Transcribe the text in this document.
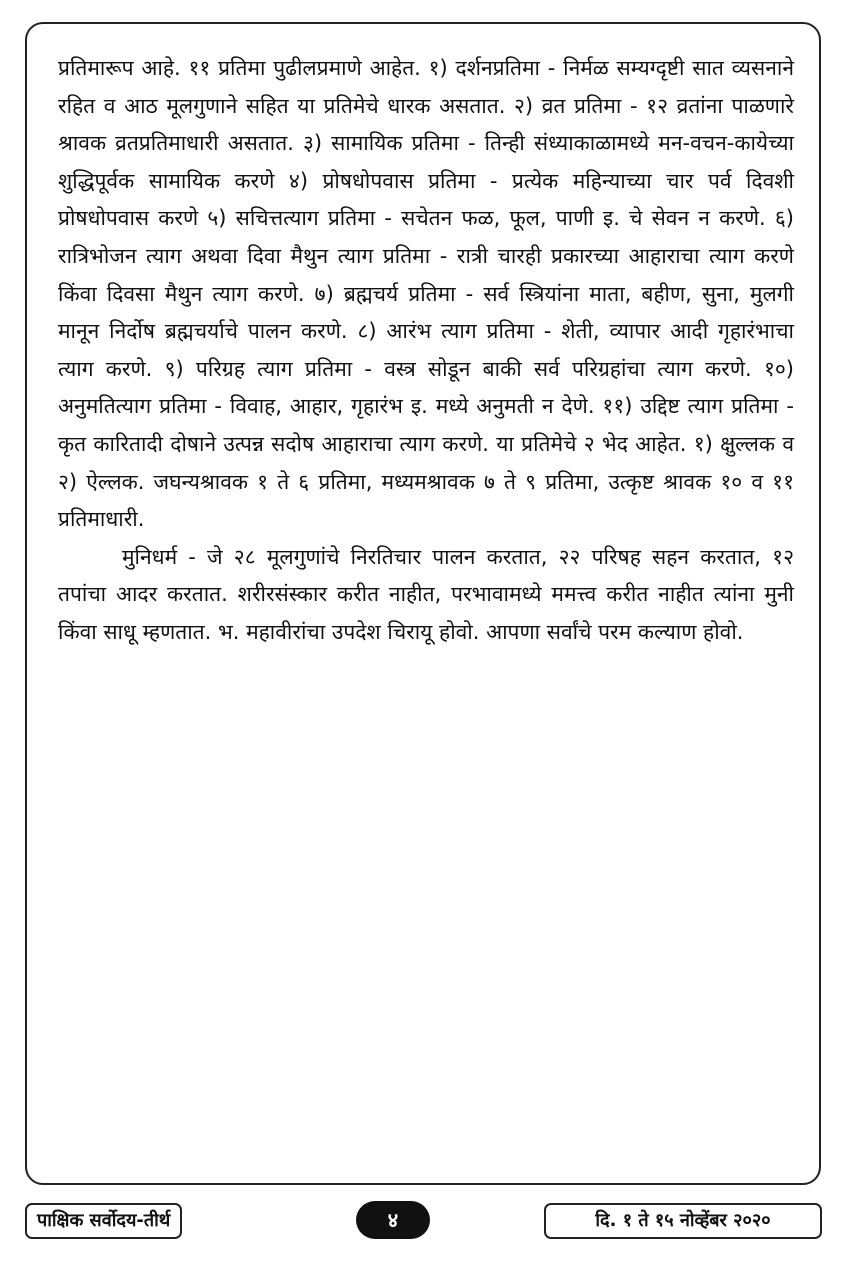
प्रतिमारूप आहे. ११ प्रतिमा पुढीलप्रमाणे आहेत. १) दर्शनप्रतिमा - निर्मळ सम्यग्दृष्टी सात व्यसनाने रहित व आठ मूलगुणाने सहित या प्रतिमेचे धारक असतात. २) व्रत प्रतिमा - १२ व्रतांना पाळणारे श्रावक व्रतप्रतिमाधारी असतात. ३) सामायिक प्रतिमा - तिन्ही संध्याकाळामध्ये मन-वचन-कायेच्या शुद्धिपूर्वक सामायिक करणे ४) प्रोषधोपवास प्रतिमा - प्रत्येक महिन्याच्या चार पर्व दिवशी प्रोषधोपवास करणे ५) सचित्तत्याग प्रतिमा - सचेतन फळ, फूल, पाणी इ. चे सेवन न करणे. ६) रात्रिभोजन त्याग अथवा दिवा मैथुन त्याग प्रतिमा - रात्री चारही प्रकारच्या आहाराचा त्याग करणे किंवा दिवसा मैथुन त्याग करणे. ७) ब्रह्मचर्य प्रतिमा - सर्व स्त्रियांना माता, बहीण, सुना, मुलगी मानून निर्दोष ब्रह्मचर्याचे पालन करणे. ८) आरंभ त्याग प्रतिमा - शेती, व्यापार आदी गृहारंभाचा त्याग करणे. ९) परिग्रह त्याग प्रतिमा - वस्त्र सोडून बाकी सर्व परिग्रहांचा त्याग करणे. १०) अनुमतित्याग प्रतिमा - विवाह, आहार, गृहारंभ इ. मध्ये अनुमती न देणे. ११) उद्दिष्ट त्याग प्रतिमा - कृत कारितादी दोषाने उत्पन्न सदोष आहाराचा त्याग करणे. या प्रतिमेचे २ भेद आहेत. १) क्षुल्लक व २) ऐल्लक. जघन्यश्रावक १ ते ६ प्रतिमा, मध्यमश्रावक ७ ते ९ प्रतिमा, उत्कृष्ट श्रावक १० व ११ प्रतिमाधारी.

मुनिधर्म - जे २८ मूलगुणांचे निरतिचार पालन करतात, २२ परिषह सहन करतात, १२ तपांचा आदर करतात. शरीरसंस्कार करीत नाहीत, परभावामध्ये ममत्त्व करीत नाहीत त्यांना मुनी किंवा साधू म्हणतात. भ. महावीरांचा उपदेश चिरायू होवो. आपणा सर्वांचे परम कल्याण होवो.

पाक्षिक सर्वोदय-तीर्थ	४	दि. १ ते १५ नोव्हेंबर २०२०
